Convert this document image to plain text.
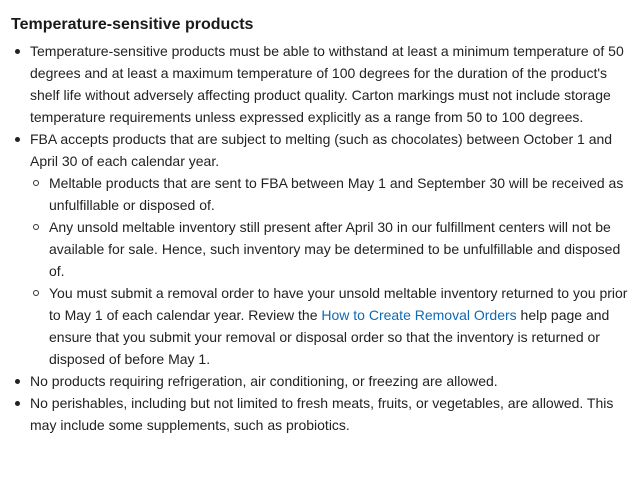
Temperature-sensitive products
Temperature-sensitive products must be able to withstand at least a minimum temperature of 50 degrees and at least a maximum temperature of 100 degrees for the duration of the product's shelf life without adversely affecting product quality. Carton markings must not include storage temperature requirements unless expressed explicitly as a range from 50 to 100 degrees.
FBA accepts products that are subject to melting (such as chocolates) between October 1 and April 30 of each calendar year.
Meltable products that are sent to FBA between May 1 and September 30 will be received as unfulfillable or disposed of.
Any unsold meltable inventory still present after April 30 in our fulfillment centers will not be available for sale. Hence, such inventory may be determined to be unfulfillable and disposed of.
You must submit a removal order to have your unsold meltable inventory returned to you prior to May 1 of each calendar year. Review the How to Create Removal Orders help page and ensure that you submit your removal or disposal order so that the inventory is returned or disposed of before May 1.
No products requiring refrigeration, air conditioning, or freezing are allowed.
No perishables, including but not limited to fresh meats, fruits, or vegetables, are allowed. This may include some supplements, such as probiotics.
